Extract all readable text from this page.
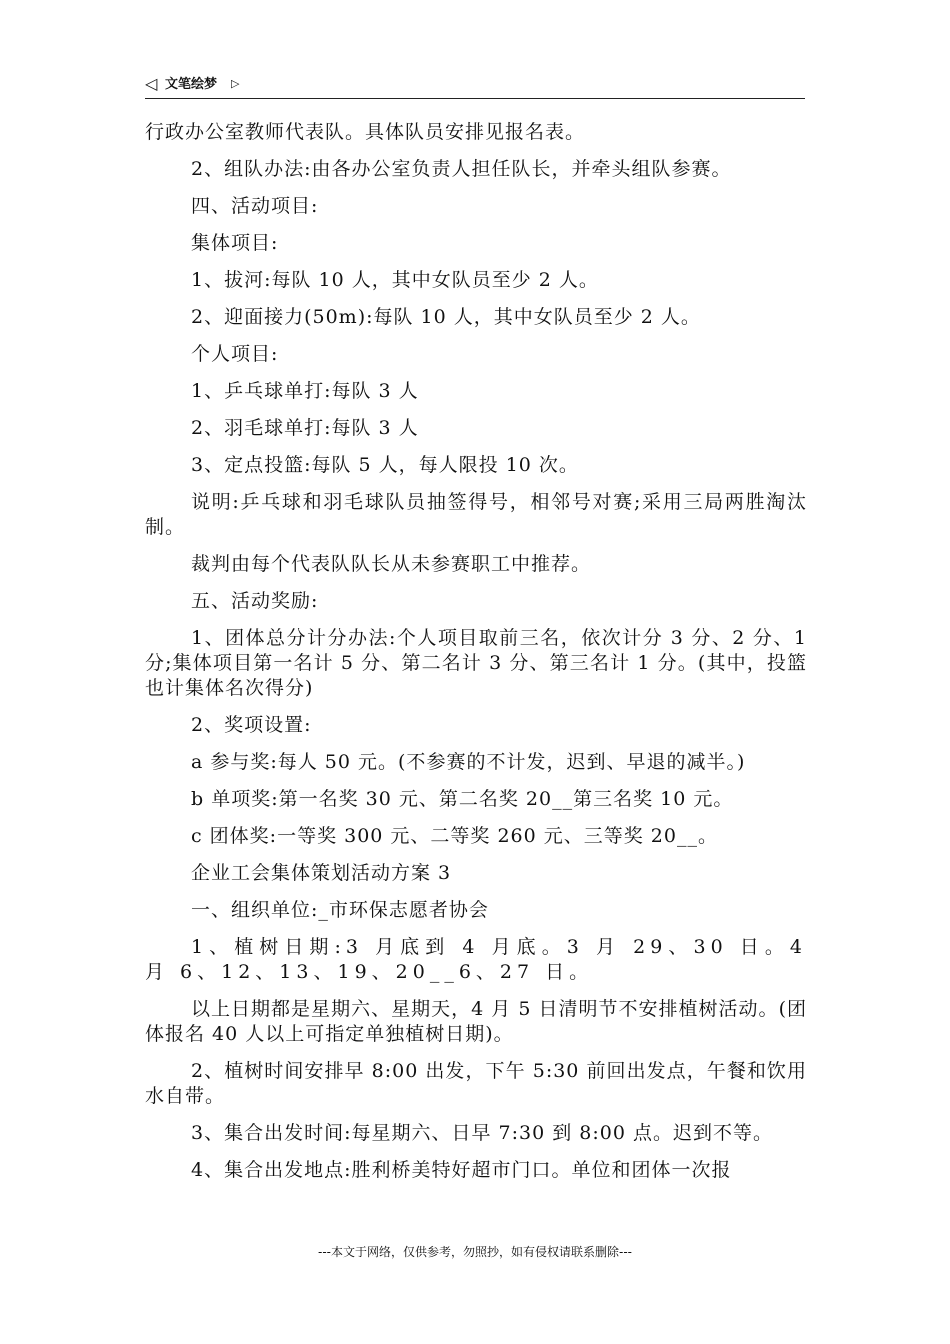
◁ 文笔绘梦 ▷

行政办公室教师代表队。具体队员安排见报名表。

2、组队办法:由各办公室负责人担任队长，并牵头组队参赛。

四、活动项目:

集体项目:

1、拔河:每队 10 人，其中女队员至少 2 人。

2、迎面接力(50m):每队 10 人，其中女队员至少 2 人。

个人项目:

1、乒乓球单打:每队 3 人

2、羽毛球单打:每队 3 人

3、定点投篮:每队 5 人，每人限投 10 次。

说明:乒乓球和羽毛球队员抽签得号，相邻号对赛;采用三局两胜淘汰制。

裁判由每个代表队队长从未参赛职工中推荐。

五、活动奖励:

1、团体总分计分办法:个人项目取前三名，依次计分 3 分、2 分、1 分;集体项目第一名计 5 分、第二名计 3 分、第三名计 1 分。(其中，投篮也计集体名次得分)

2、奖项设置:

a 参与奖:每人 50 元。(不参赛的不计发，迟到、早退的减半。)

b 单项奖:第一名奖 30 元、第二名奖 20__第三名奖 10 元。

c 团体奖:一等奖 300 元、二等奖 260 元、三等奖 20__。

企业工会集体策划活动方案 3

一、组织单位:_市环保志愿者协会

1、植树日期:3 月底到 4 月底。3 月 29、30 日。4 月 6、12、13、19、20__6、27 日。

以上日期都是星期六、星期天，4 月 5 日清明节不安排植树活动。(团体报名 40 人以上可指定单独植树日期)。

2、植树时间安排早 8:00 出发，下午 5:30 前回出发点，午餐和饮用水自带。

3、集合出发时间:每星期六、日早 7:30 到 8:00 点。迟到不等。

4、集合出发地点:胜利桥美特好超市门口。单位和团体一次报

---本文于网络，仅供参考，勿照抄，如有侵权请联系删除---
